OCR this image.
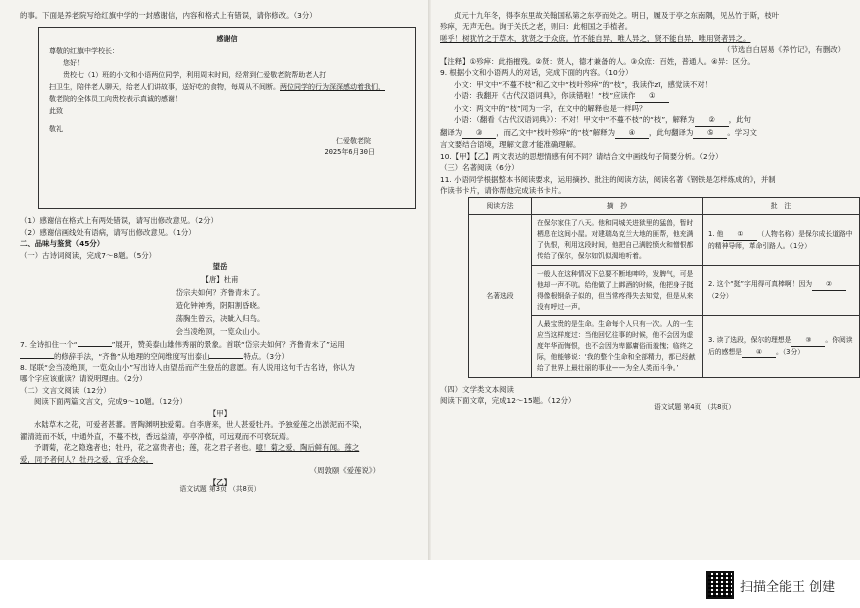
的事。下面是养老院写给红旗中学的一封感谢信，内容和格式上有错误，请你修改。（3分）
感谢信
尊敬的红旗中学校长：
您好！
贵校七（1）班的小文和小语两位同学，利用周末时间，经常到仁爱敬老院帮助老人打
扫卫生，陪伴老人聊天，给老人们讲故事，送好吃的食物，每周从不间断。两位同学的行为深深感动着我们，
敬老院的全体员工向贵校表示真诚的感谢！
此致
敬礼
仁爱敬老院
2025年6月30日
（1）感谢信在格式上有两处错误，请写出修改意见。（2分）
（2）感谢信画线处有语病，请写出修改意见。（1分）
二、品味与鉴赏（45分）
（一）古诗词阅读，完成7～8题。（5分）
望岳
【唐】杜甫
岱宗夫如何？齐鲁青未了。
造化钟神秀，阴阳割昏晓。
荡胸生曾云，决眦入归鸟。
会当凌绝顶，一览众山小。
7. 全诗扣住一个“	”展开，赞美泰山雄伟秀丽的景象。首联“岱宗夫如何？齐鲁青未了”运用
的修辞手法，“齐鲁”从地理的空间维度写出泰山	特点。（3分）
8. 尾联“会当凌绝顶，一览众山小”写出诗人由望岳而产生登岳的意愿。有人说用这句千古名诗，你认为
哪个字应该重读？请说明理由。（2分）
（二）文言文阅读（12分）
阅读下面两篇文言文，完成9～10题。（12分）
【甲】
水陆草木之花，可爱者甚蕃。晋陶渊明独爱菊。自李唐来，世人甚爱牡丹。予独爱莲之出淤泥而不染，
濯清涟而不妖，中通外直，不蔓不枝，香远益清，亭亭净植，可远观而不可亵玩焉。
予谓菊，花之隐逸者也；牡丹，花之富贵者也；莲，花之君子者也。噫！菊之爱，陶后鲜有闻。莲之
爱，同予者何人？牡丹之爱，宜乎众矣。
（周敦颐《爱莲说》）
【乙】
语文试题 第3页 （共8页）
贞元十九年冬，得李东里故关翰国私第之东亭而处之。明日，履及于亭之东南隅，见丛竹于斯，枝叶
殄瘁，无声无色。询于关氏之老，则曰：此相国之手植者。
嗟乎！树犹竹之于草木，犹贤之于众庶。竹不能自异，唯人异之，贤不能自异，唯用贤者异之。
（节选自白居易《养竹记》，有删改）
【注释】①殄瘁：此指摧残。②贤：贤人，德才兼备的人。③众庶：百姓，普通人。④异：区分。
9. 根据小文和小语两人的对话，完成下面的内容。（10分）
小文：甲文中“不蔓不枝”和乙文中“枝叶殄瘁”的“枝”，我读作zī，感觉读不对！
小语：我翻开《古代汉语词典》，你读错啦！“枝”应读作 ①
小文：两文中的“枝”同为一字，在文中的解释也是一样吗？
小语：（翻看《古代汉语词典》）：不对！甲文中“不蔓不枝”的“枝”，解释为 ② ，此句
翻译为 ③ ，而乙文中“枝叶殄瘁”的“枝”解释为 ④ ，此句翻译为 ⑤ 。学习文
言文要结合语境，理解文意才能准确理解。
10.【甲】【乙】两文表达的思想情感有何不同？请结合文中画线句子简要分析。（2分）
（三）名著阅读（6分）
11. 小语同学根据整本书阅读要求，运用摘抄、批注的阅读方法，阅读名著《钢铁是怎样炼成的》，并制
作读书卡片，请你帮他完成读书卡片。
阅读方法	摘　抄	批　注
名著选段	在保尔家住了八天。他和同城关进狱里的猛兽，暂时栖息在这间小屋。对建瑞岛克兰大地的匪帮，他充满了仇恨，利用这段时间，他把自己满腔愤火和憎恨都传给了保尔，保尔如饥似渴地听着。	1. 他 ① （人物名称）是保尔成长道路中的精神导师，革命引路人。（1分）
	一般人在这种情况下总要不断地呻吟，发脾气，可是他却一声不吭。给他做了上綁酒的时候，他把身子挺得像根钢条子似的，但当常疼得失去知觉，但是从来没有呼过一声。	2. 这个“挺”字用得可真棒啊！因为 ②（2分）
	人最宝贵的是生命。生命每个人只有一次。人的一生应当这样度过：当他回忆往事的时候，他不会因为虚度年华而悔恨，也不会因为卑鄙庸俗而羞愧；临终之际，他能够说：‘我的整个生命和全部精力，都已经献给了世界上最壮丽的事业——为全人类而斗争。’	3. 读了选段，保尔的理想是 ③ 。你阅读后的感想是 ④ 。（3分）
（四）文学类文本阅读
阅读下面文章，完成12～15题。（12分）
语文试题 第4页 （共8页）
扫描全能王 创建
